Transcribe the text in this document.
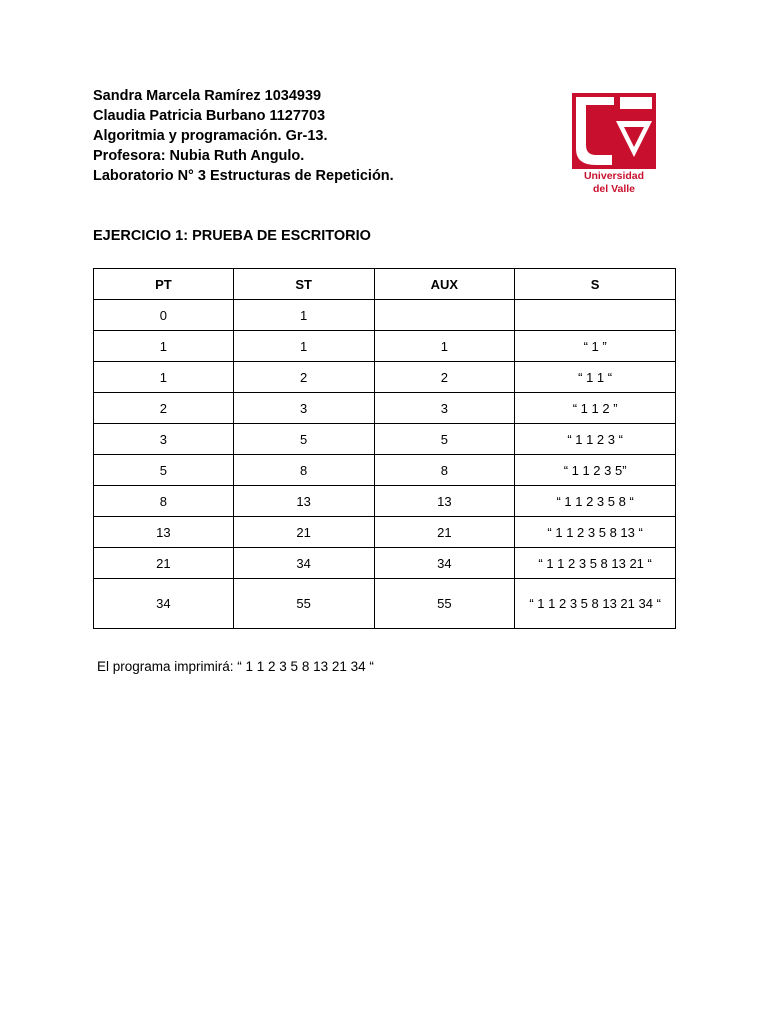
Sandra Marcela Ramírez 1034939
Claudia Patricia Burbano 1127703
Algoritmia y programación. Gr-13.
Profesora: Nubia Ruth Angulo.
Laboratorio N° 3 Estructuras de Repetición.	Universidad
del Valle
EJERCICIO 1: PRUEBA DE ESCRITORIO
PT	ST	AUX	S
0	1		
1	1	1	“ 1 ”
1	2	2	“ 1 1 “
2	3	3	“ 1 1 2 ”
3	5	5	“ 1 1 2 3 “
5	8	8	“ 1 1 2 3 5”
8	13	13	“ 1 1 2 3 5 8 “
13	21	21	“ 1 1 2 3 5 8 13 “
21	34	34	“ 1 1 2 3 5 8 13 21 “
34	55	55	“ 1 1 2 3 5 8 13 21 34 “
El programa imprimirá: “ 1 1 2 3 5 8 13 21 34 “
